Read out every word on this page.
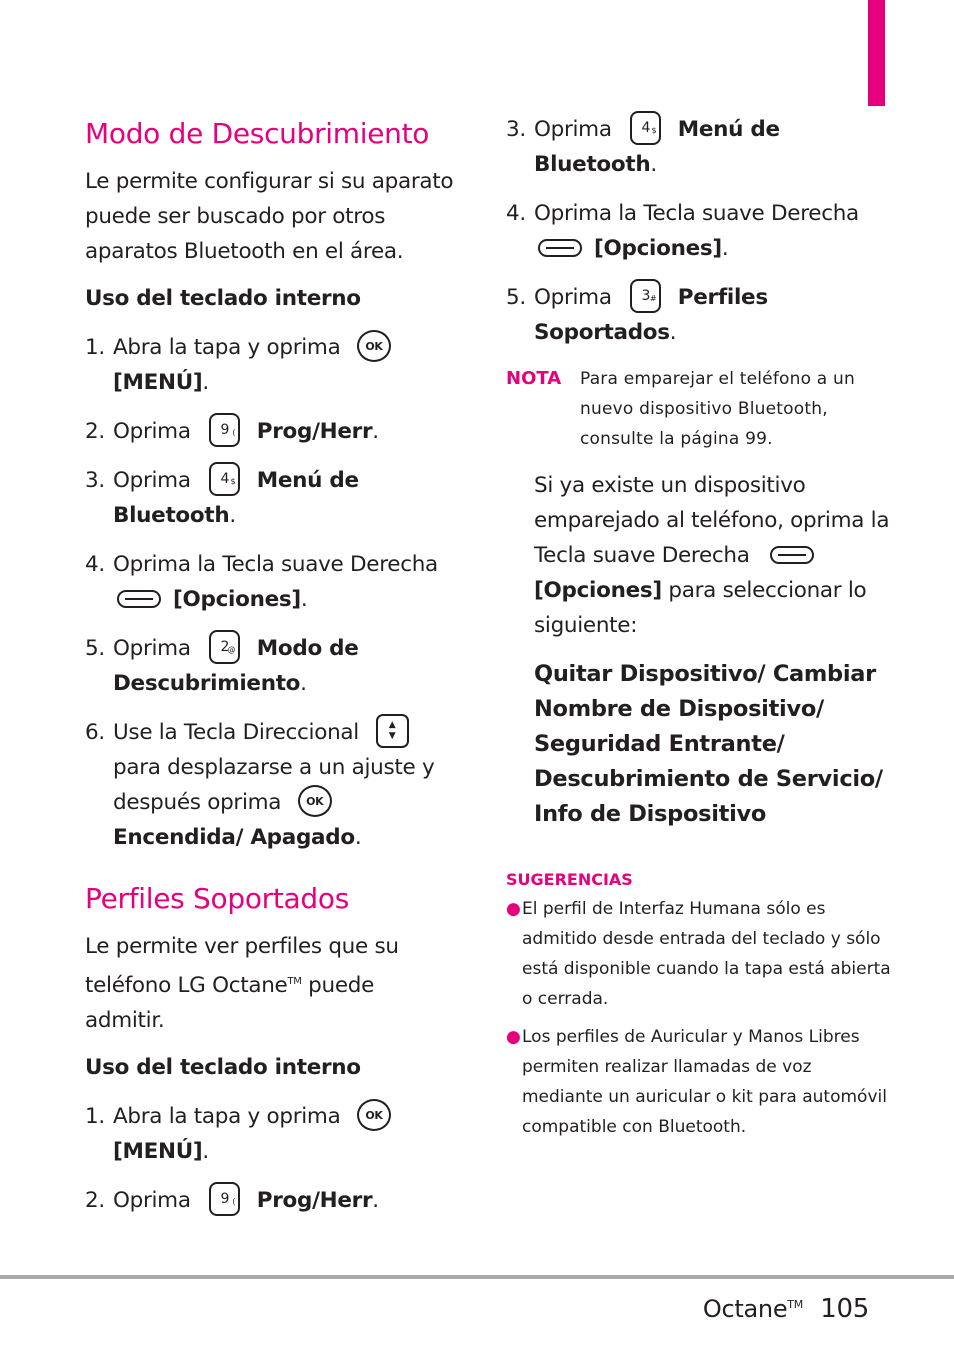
Modo de Descubrimiento
Le permite configurar si su aparato puede ser buscado por otros aparatos Bluetooth en el área.
Uso del teclado interno
1. Abra la tapa y oprima OK
[MENÚ].
2. Oprima 9 ( Prog/Herr.
3. Oprima 4 $ Menú de Bluetooth.
4. Oprima la Tecla suave Derecha
[Opciones].
5. Oprima 2
@ Modo de Descubrimiento.
6. Use la Tecla Direccional	▲
▼
para desplazarse a un ajuste y después oprima OK
Encendida/ Apagado.
Perfiles Soportados
Le permite ver perfiles que su teléfono LG Octane™ puede admitir.
Uso del teclado interno
1. Abra la tapa y oprima OK
[MENÚ].
2. Oprima 9 ( Prog/Herr.
3. Oprima 4 $ Menú de Bluetooth.
4. Oprima la Tecla suave Derecha
[Opciones].
5. Oprima 3 # Perfiles Soportados.
NOTA	Para emparejar el teléfono a un nuevo dispositivo Bluetooth, consulte la página 99.
Si ya existe un dispositivo emparejado al teléfono, oprima la Tecla suave Derecha  [Opciones] para seleccionar lo siguiente:
Quitar Dispositivo/ Cambiar Nombre de Dispositivo/ Seguridad Entrante/ Descubrimiento de Servicio/ Info de Dispositivo
SUGERENCIAS
● El perfil de Interfaz Humana sólo es admitido desde entrada del teclado y sólo está disponible cuando la tapa está abierta o cerrada.
● Los perfiles de Auricular y Manos Libres permiten realizar llamadas de voz mediante un auricular o kit para automóvil compatible con Bluetooth.
Octane™ 105
